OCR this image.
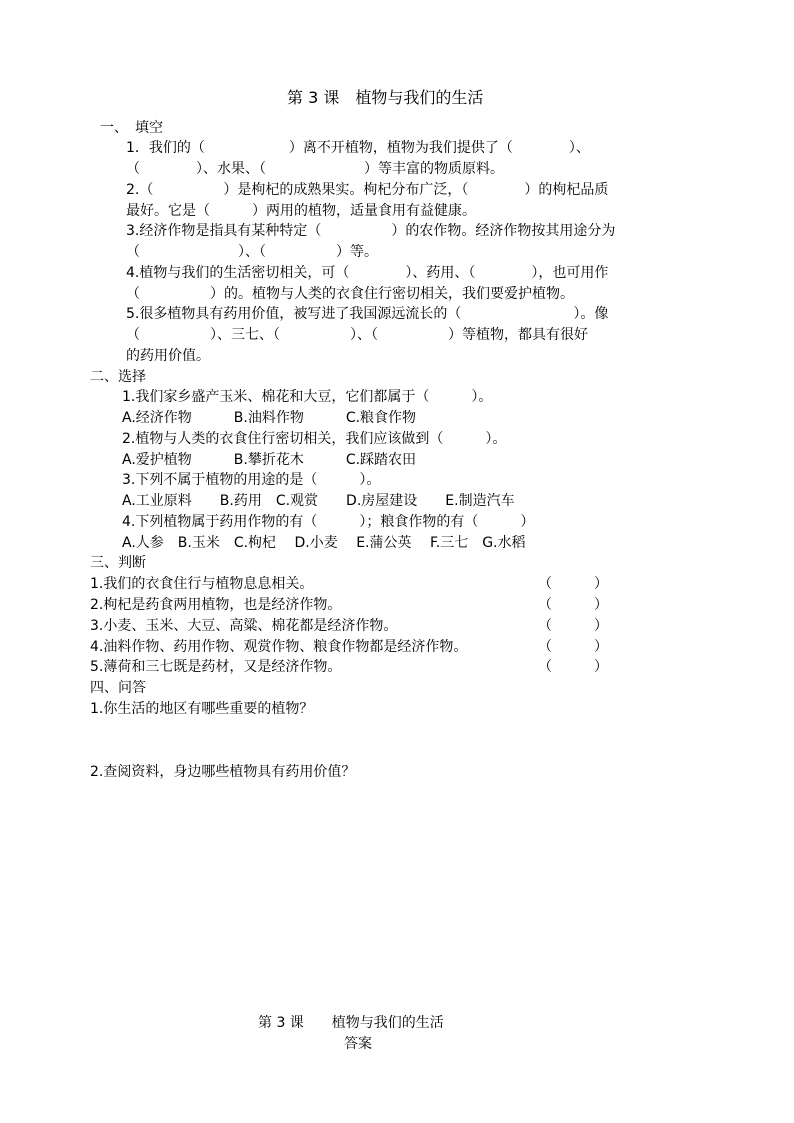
第 3 课　植物与我们的生活
一、　填空
1．我们的（　　　　　　）离不开植物，植物为我们提供了（　　　　）、
（　　　　）、水果、（　　　　　　　）等丰富的物质原料。
2.（　　　　　）是枸杞的成熟果实。枸杞分布广泛，（　　　　）的枸杞品质
最好。它是（　　　）两用的植物，适量食用有益健康。
3.经济作物是指具有某种特定（　　　　　）的农作物。经济作物按其用途分为
（　　　　　　　）、（　　　　　）等。
4.植物与我们的生活密切相关，可（　　　　）、药用、（　　　　），也可用作
（　　　　　）的。植物与人类的衣食住行密切相关，我们要爱护植物。
5.很多植物具有药用价值，被写进了我国源远流长的（　　　　　　　　）。像
（　　　　　）、三七、（　　　　　）、（　　　　　）等植物，都具有很好
的药用价值。
二、选择
1.我们家乡盛产玉米、棉花和大豆，它们都属于（　　　）。
A.经济作物　　　B.油料作物　　　C.粮食作物
2.植物与人类的衣食住行密切相关，我们应该做到（　　　）。
A.爱护植物　　　B.攀折花木　　　C.踩踏农田
3.下列不属于植物的用途的是（　　　）。
A.工业原料　　B.药用　C.观赏　　D.房屋建设　　E.制造汽车
4.下列植物属于药用作物的有（　　　）；粮食作物的有（　　　）
A.人参　B.玉米　C.枸杞　 D.小麦　 E.蒲公英　 F.三七　G.水稻
三、判断
1.我们的衣食住行与植物息息相关。	（　　　）
2.枸杞是药食两用植物，也是经济作物。	（　　　）
3.小麦、玉米、大豆、高粱、棉花都是经济作物。	（　　　）
4.油料作物、药用作物、观赏作物、粮食作物都是经济作物。	（　　　）
5.薄荷和三七既是药材，又是经济作物。	（　　　）
四、问答
1.你生活的地区有哪些重要的植物？
2.查阅资料，身边哪些植物具有药用价值？
第 3 课　　植物与我们的生活
答案
